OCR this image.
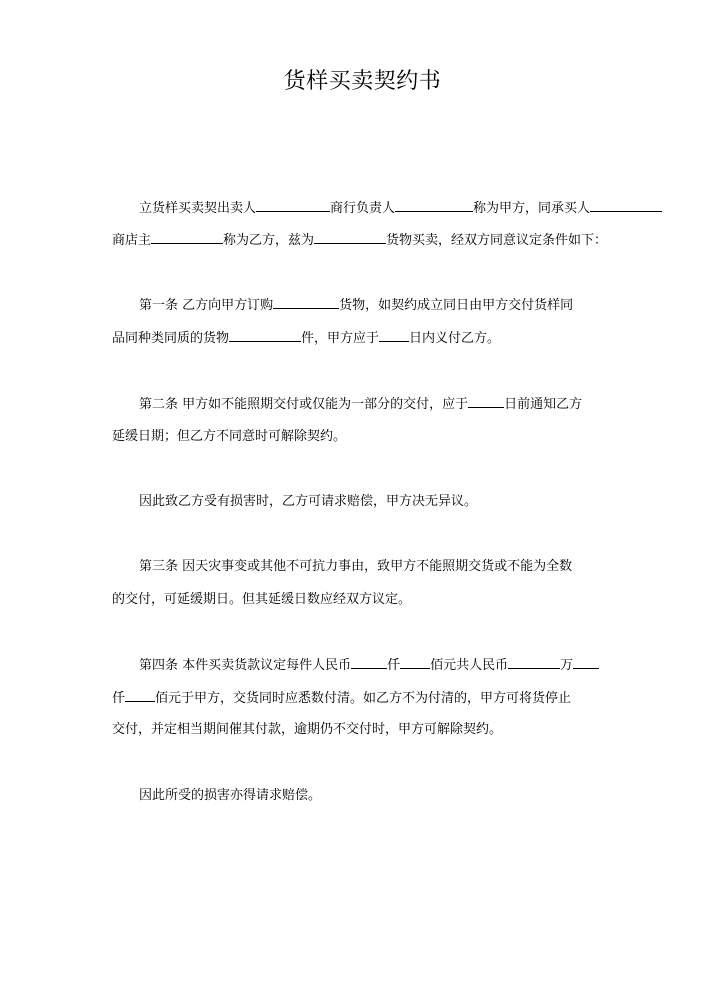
货样买卖契约书
立货样买卖契出卖人	商行负责人	称为甲方，同承买人
商店主	称为乙方，兹为	货物买卖，经双方同意议定条件如下：
第一条 乙方向甲方订购	货物，如契约成立同日由甲方交付货样同
品同种类同质的货物	件，甲方应于 日内义付乙方。
第二条 甲方如不能照期交付或仅能为一部分的交付，应于	日前通知乙方
延缓日期；但乙方不同意时可解除契约。
因此致乙方受有损害时，乙方可请求赔偿，甲方决无异议。
第三条 因天灾事变或其他不可抗力事由，致甲方不能照期交货或不能为全数
的交付，可延缓期日。但其延缓日数应经双方议定。
第四条 本件买卖货款议定每件人民币	仟 佰元共人民币	万
仟 佰元于甲方，交货同时应悉数付清。如乙方不为付清的，甲方可将货停止
交付，并定相当期间催其付款，逾期仍不交付时，甲方可解除契约。
因此所受的损害亦得请求赔偿。
